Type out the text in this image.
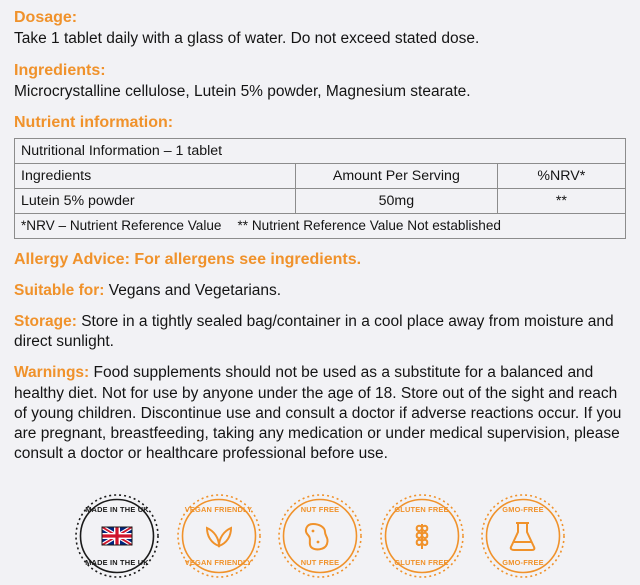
Dosage:
Take 1 tablet daily with a glass of water. Do not exceed stated dose.
Ingredients:
Microcrystalline cellulose, Lutein 5% powder, Magnesium stearate.
Nutrient information:
Nutritional Information – 1 tablet		
Ingredients	Amount Per Serving	%NRV*
Lutein 5% powder	50mg	**
*NRV – Nutrient Reference Value ** Nutrient Reference Value Not established		
Allergy Advice: For allergens see ingredients.
Suitable for: Vegans and Vegetarians.
Storage: Store in a tightly sealed bag/container in a cool place away from moisture and direct sunlight.
Warnings: Food supplements should not be used as a substitute for a balanced and healthy diet. Not for use by anyone under the age of 18. Store out of the sight and reach of young children. Discontinue use and consult a doctor if adverse reactions occur. If you are pregnant, breastfeeding, taking any medication or under medical supervision, please consult a doctor or healthcare professional before use.
MADE IN THE UK
MADE IN THE UK
VEGAN FRIENDLY
VEGAN FRIENDLY
NUT FREE
NUT FREE
GLUTEN FREE
GLUTEN FREE
GMO-FREE
GMO-FREE
